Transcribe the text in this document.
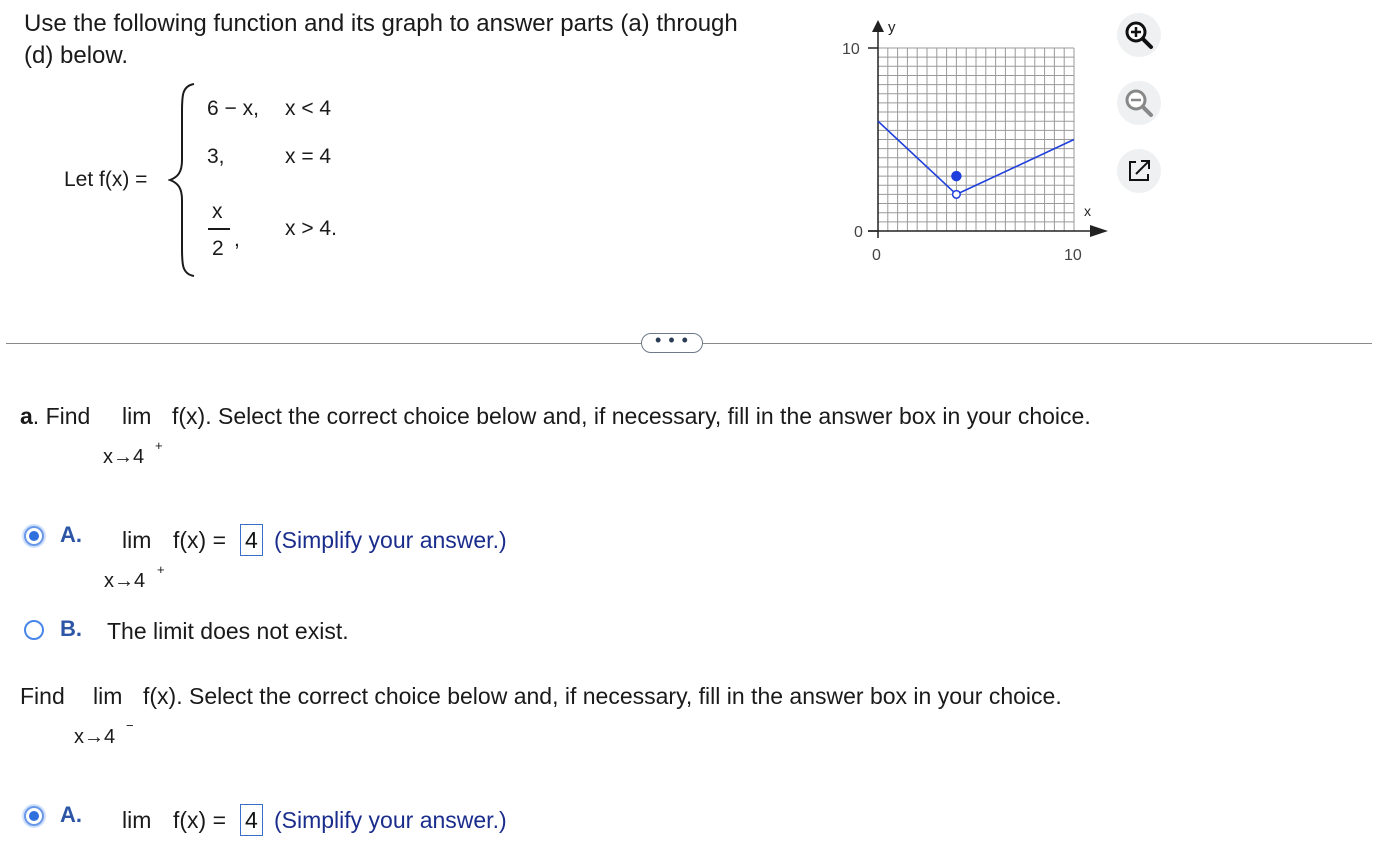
Use the following function and its graph to answer parts (a) through
(d) below.
Let f(x) =
6 − x, x < 4
3,	x = 4
x
2 , x > 4.
y
x
10
0
0	10
• • •
a. Find lim f(x). Select the correct choice below and, if necessary, fill in the answer box in your choice.
x→4
+
A. lim f(x) = 4 (Simplify your answer.)
x→4
+
B. The limit does not exist.
Find lim f(x). Select the correct choice below and, if necessary, fill in the answer box in your choice.
x→4
−
A. lim f(x) = 4 (Simplify your answer.)
